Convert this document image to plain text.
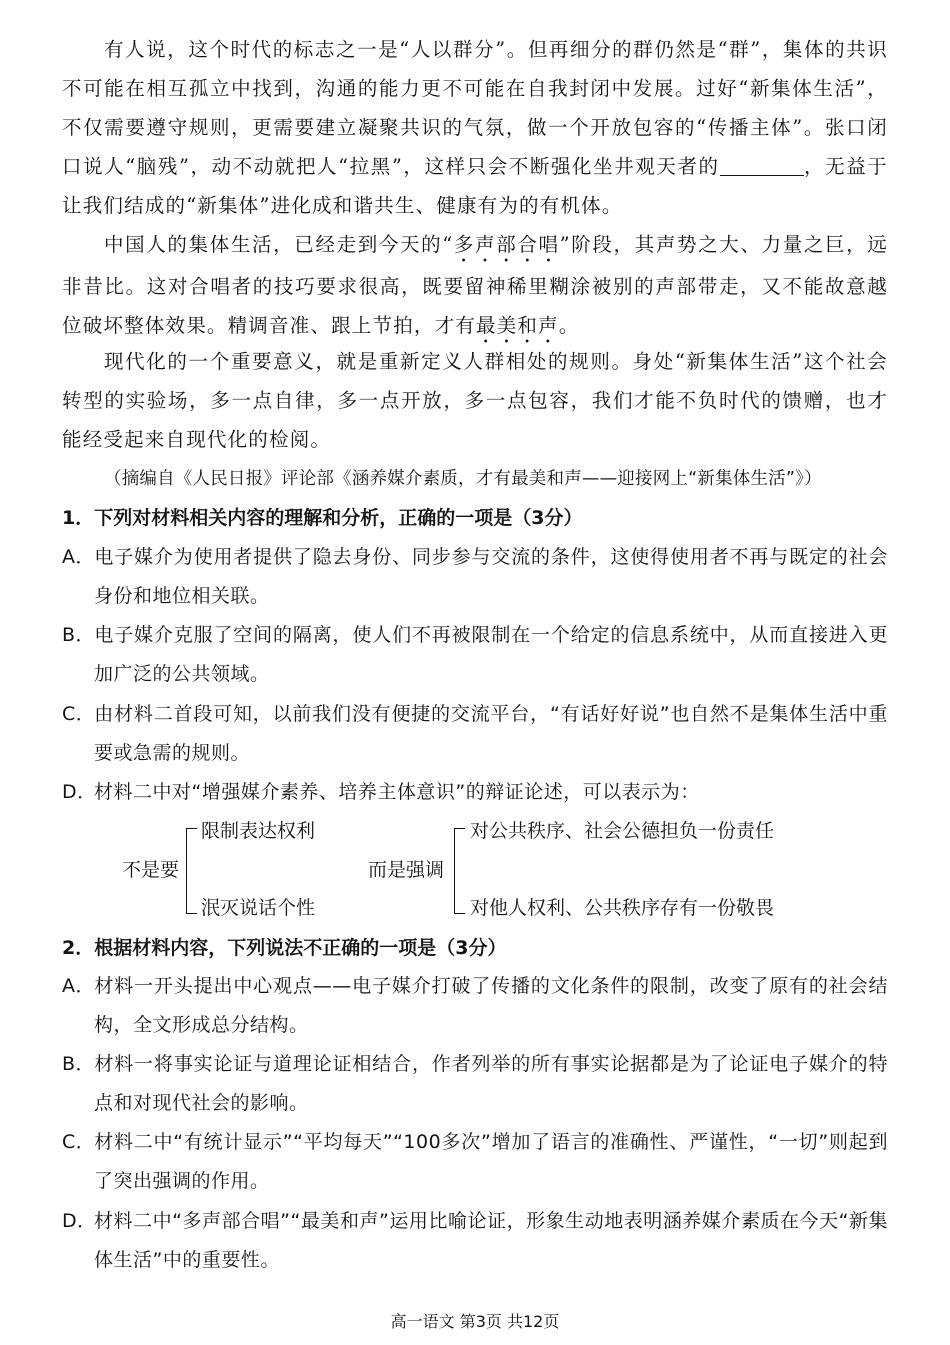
有人说，这个时代的标志之一是“人以群分”。但再细分的群仍然是“群”，集体的共识不可能在相互孤立中找到，沟通的能力更不可能在自我封闭中发展。过好“新集体生活”，不仅需要遵守规则，更需要建立凝聚共识的气氛，做一个开放包容的“传播主体”。张口闭口说人“脑残”，动不动就把人“拉黑”，这样只会不断强化坐井观天者的	，无益于让我们结成的“新集体”进化成和谐共生、健康有为的有机体。

中国人的集体生活，已经走到今天的“多声部合唱”阶段，其声势之大、力量之巨，远非昔比。这对合唱者的技巧要求很高，既要留神稀里糊涂被别的声部带走，又不能故意越位破坏整体效果。精调音准、跟上节拍，才有最美和声。

现代化的一个重要意义，就是重新定义人群相处的规则。身处“新集体生活”这个社会转型的实验场，多一点自律，多一点开放，多一点包容，我们才能不负时代的馈赠，也才能经受起来自现代化的检阅。

（摘编自《人民日报》评论部《涵养媒介素质，才有最美和声——迎接网上“新集体生活”》）

1．下列对材料相关内容的理解和分析，正确的一项是（3分）

A．电子媒介为使用者提供了隐去身份、同步参与交流的条件，这使得使用者不再与既定的社会身份和地位相关联。

B．电子媒介克服了空间的隔离，使人们不再被限制在一个给定的信息系统中，从而直接进入更加广泛的公共领域。

C．由材料二首段可知，以前我们没有便捷的交流平台，“有话好好说”也自然不是集体生活中重要或急需的规则。

D．材料二中对“增强媒介素养、培养主体意识”的辩证论述，可以表示为：

不是要

限制表达权利

泯灭说话个性

而是强调

对公共秩序、社会公德担负一份责任

对他人权利、公共秩序存有一份敬畏

2．根据材料内容，下列说法不正确的一项是（3分）

A．材料一开头提出中心观点——电子媒介打破了传播的文化条件的限制，改变了原有的社会结构，全文形成总分结构。

B．材料一将事实论证与道理论证相结合，作者列举的所有事实论据都是为了论证电子媒介的特点和对现代社会的影响。

C．材料二中“有统计显示”“平均每天”“100多次”增加了语言的准确性、严谨性，“一切”则起到了突出强调的作用。

D．材料二中“多声部合唱”“最美和声”运用比喻论证，形象生动地表明涵养媒介素质在今天“新集体生活”中的重要性。

高一语文 第3页 共12页
